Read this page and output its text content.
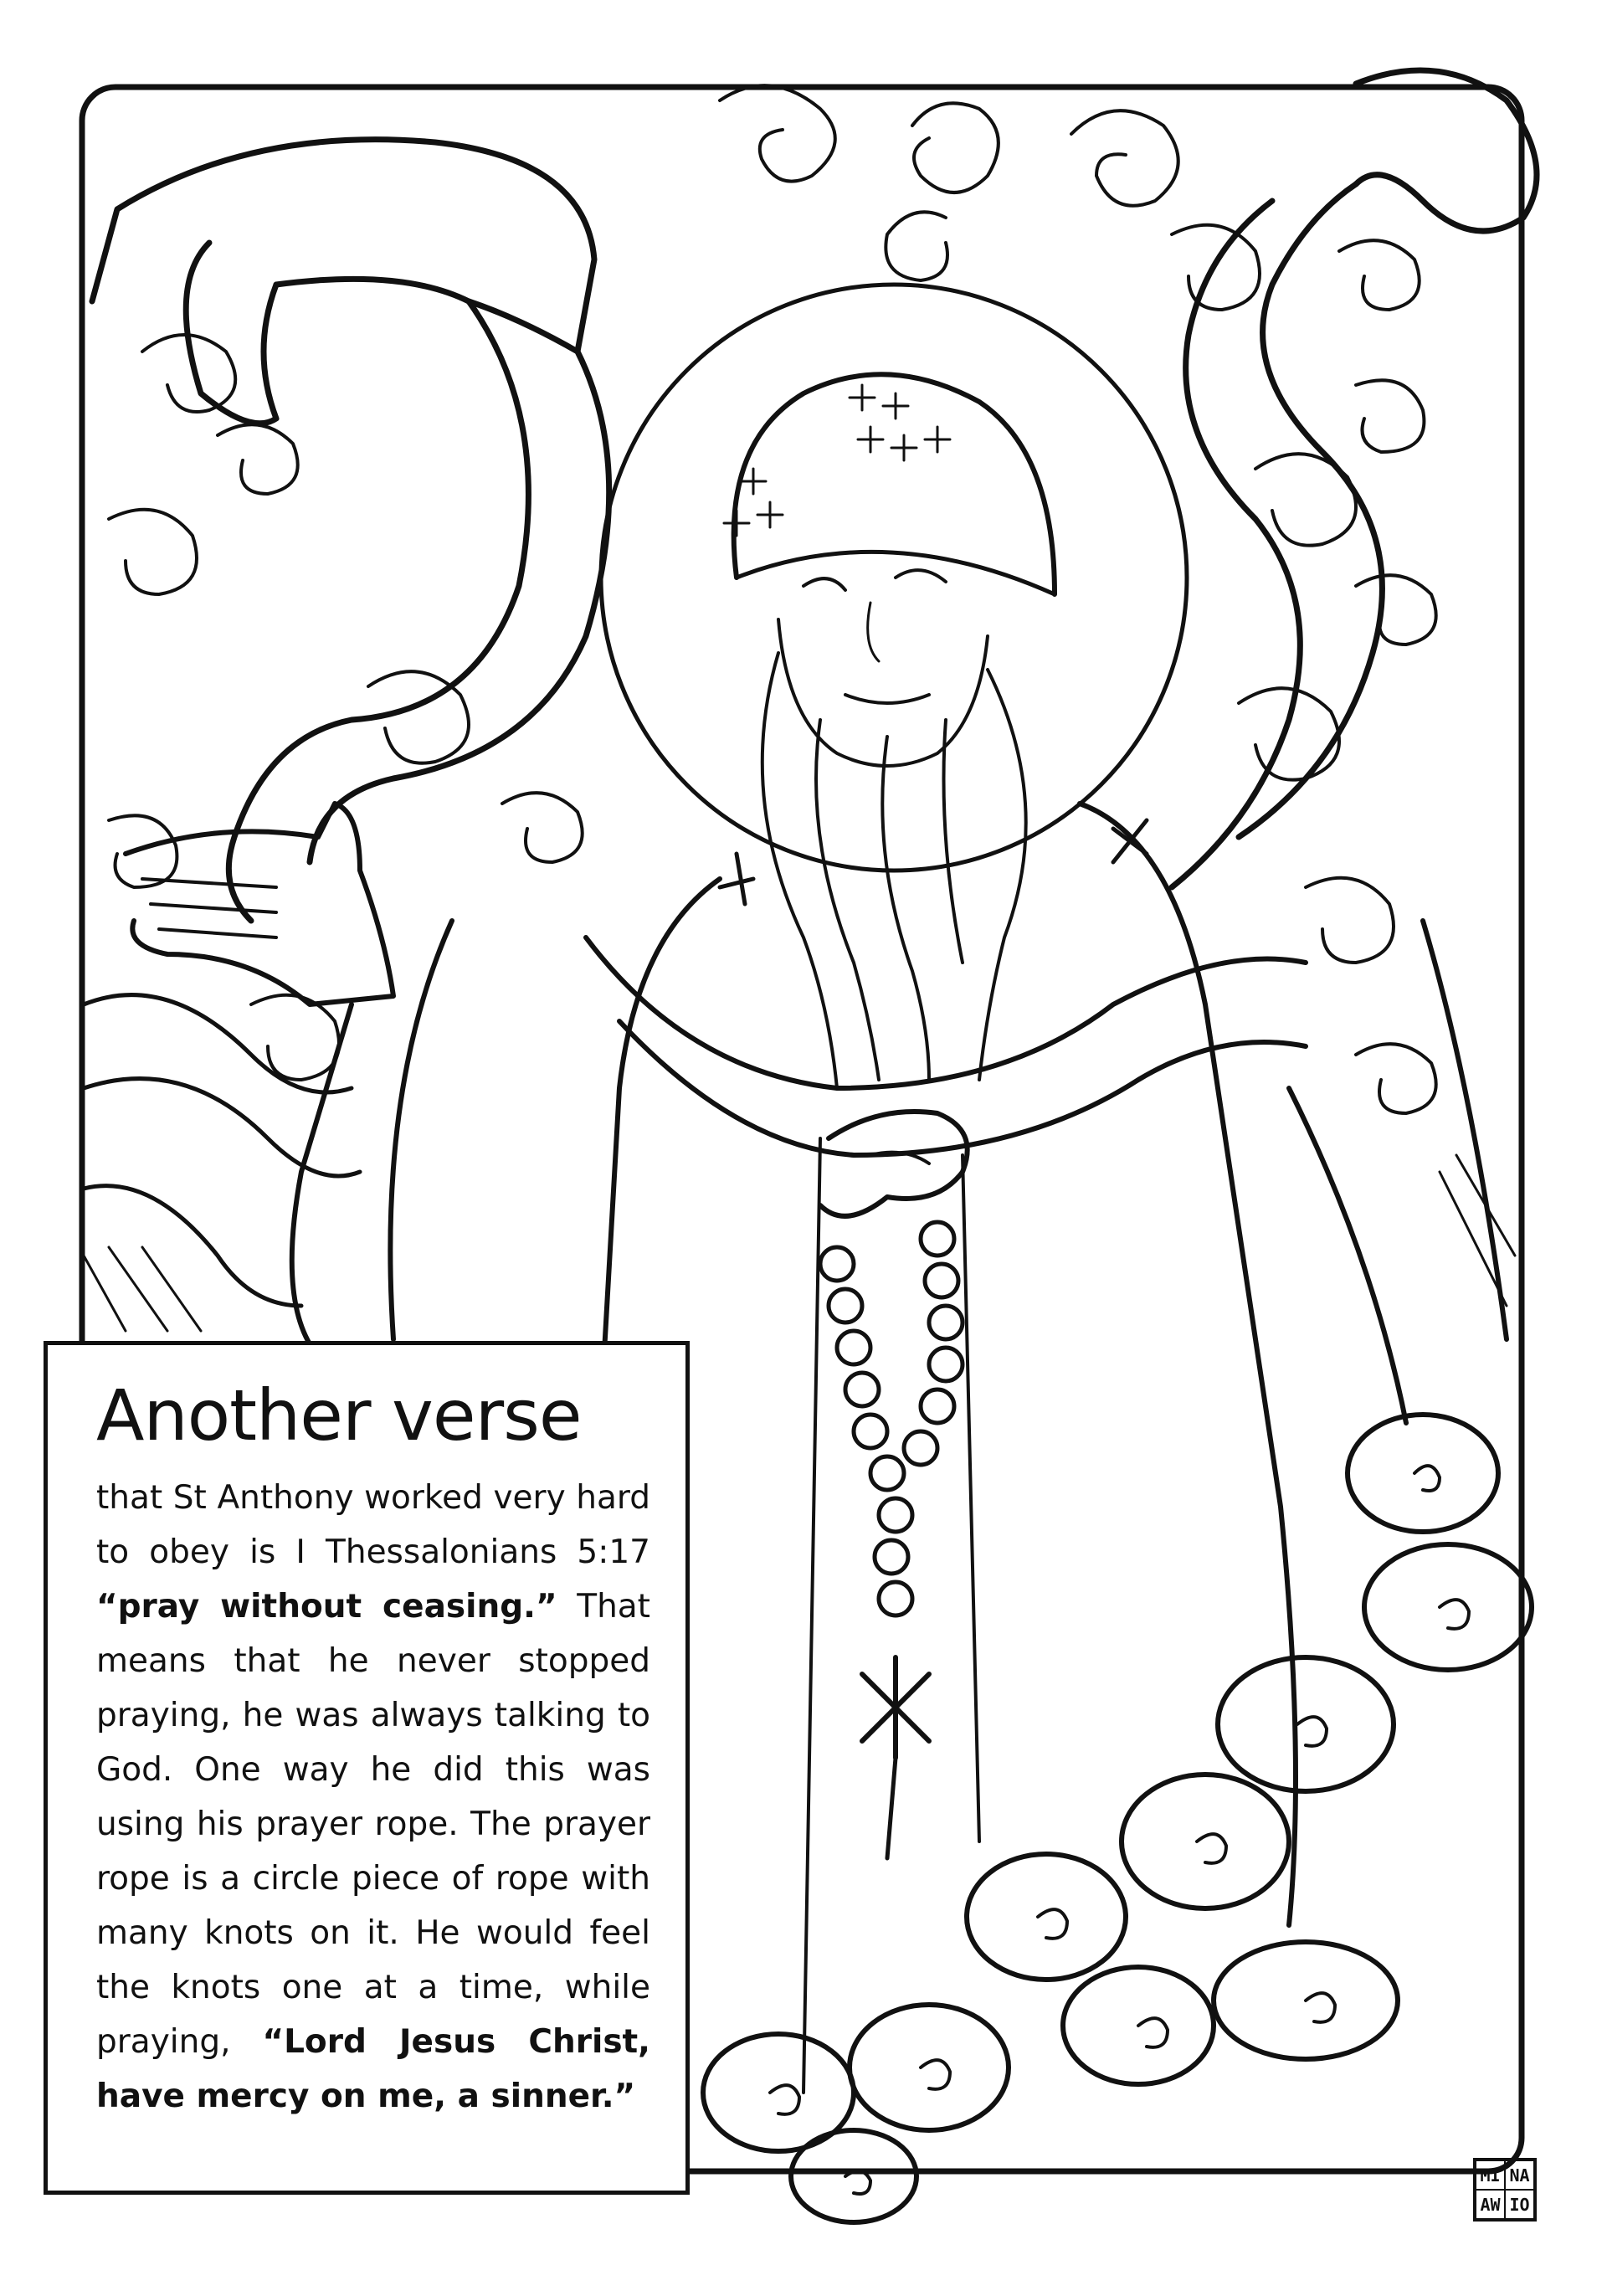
Another verse
that St Anthony worked very hard to obey is I Thessalonians 5:17 “pray without ceasing.” That means that he never stopped praying, he was always talking to God. One way he did this was using his prayer rope. The prayer rope is a circle piece of rope with many knots on it. He would feel the knots one at a time, while praying, “Lord Jesus Christ, have mercy on me, a sinner.”
MI NA
AW IO
